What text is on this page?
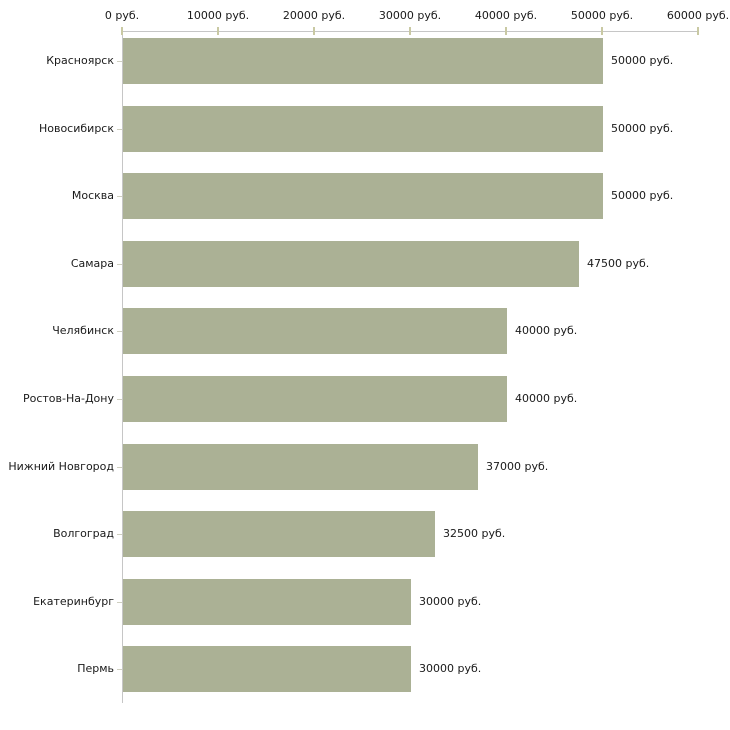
0 руб.	10000 руб.	20000 руб.	30000 руб.	40000 руб.	50000 руб.	60000 руб.
Красноярск	50000 руб.
Новосибирск	50000 руб.
Москва	50000 руб.
Самара	47500 руб.
Челябинск	40000 руб.
Ростов-На-Дону	40000 руб.
Нижний Новгород	37000 руб.
Волгоград	32500 руб.
Екатеринбург	30000 руб.
Пермь	30000 руб.
